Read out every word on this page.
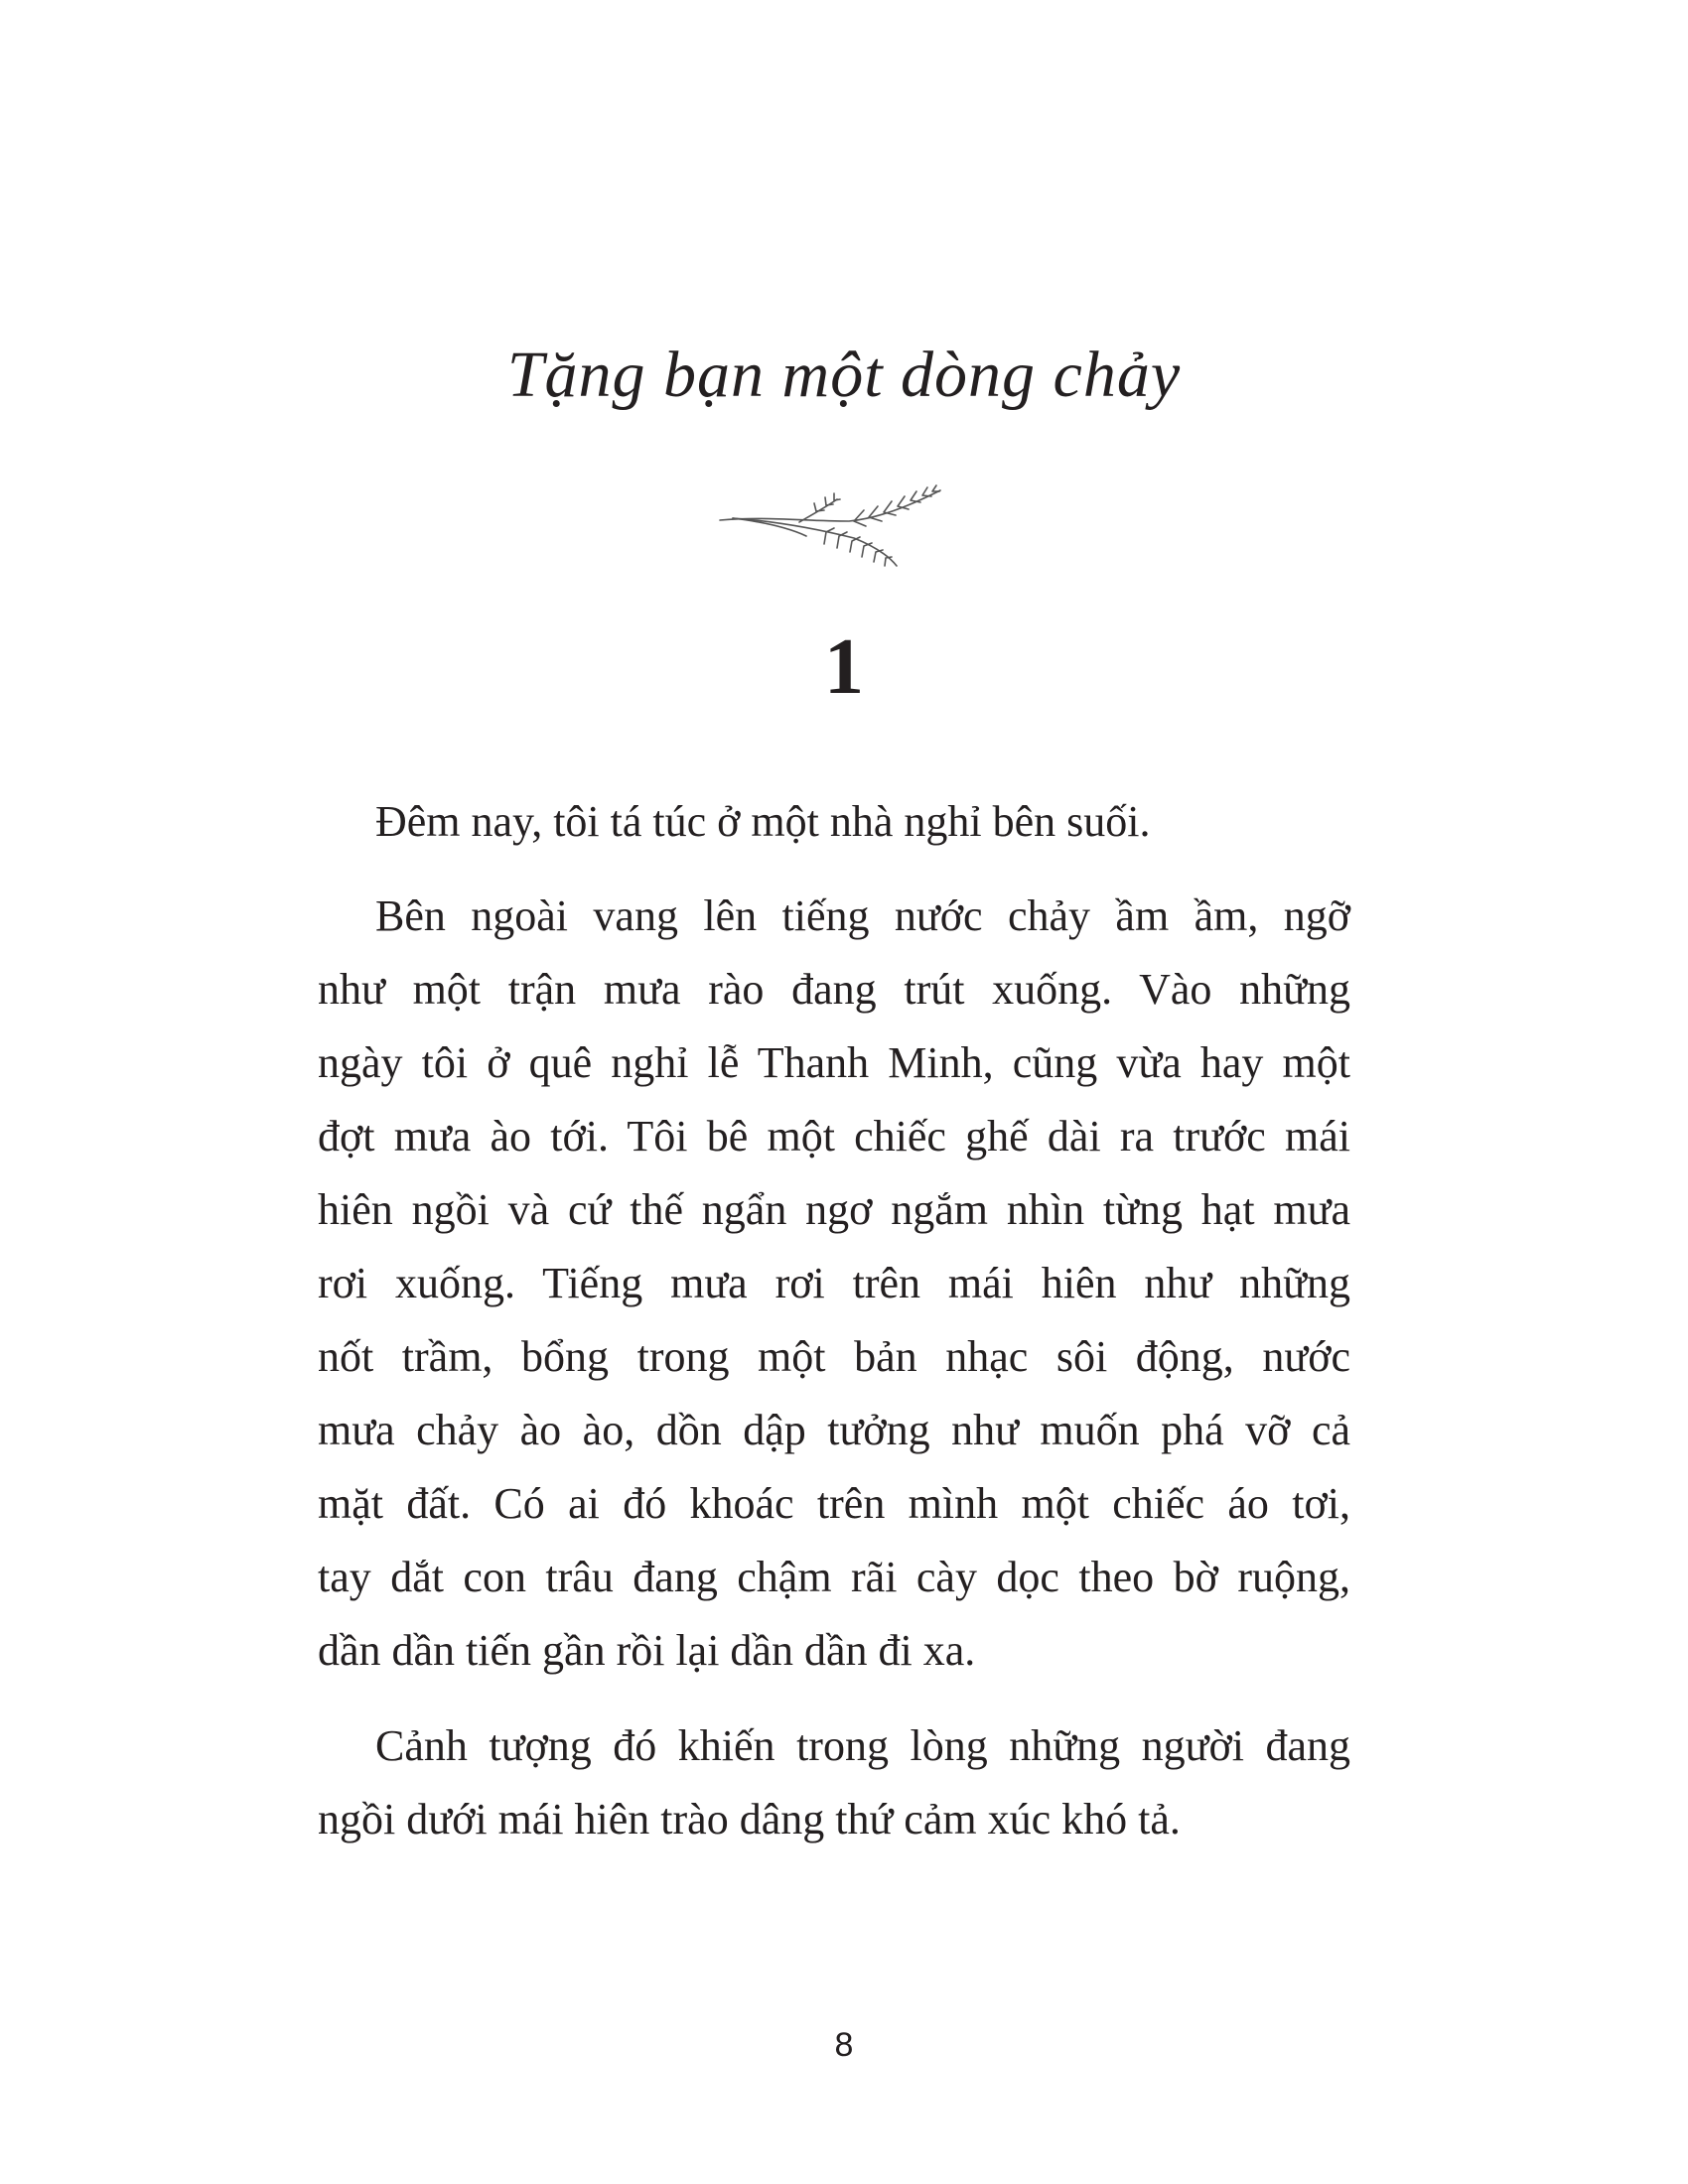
Tặng bạn một dòng chảy
1
Đêm nay, tôi tá túc ở một nhà nghỉ bên suối.
Bên ngoài vang lên tiếng nước chảy ầm ầm, ngỡ
như một trận mưa rào đang trút xuống. Vào những
ngày tôi ở quê nghỉ lễ Thanh Minh, cũng vừa hay một
đợt mưa ào tới. Tôi bê một chiếc ghế dài ra trước mái
hiên ngồi và cứ thế ngẩn ngơ ngắm nhìn từng hạt mưa
rơi xuống. Tiếng mưa rơi trên mái hiên như những
nốt trầm, bổng trong một bản nhạc sôi động, nước
mưa chảy ào ào, dồn dập tưởng như muốn phá vỡ cả
mặt đất. Có ai đó khoác trên mình một chiếc áo tơi,
tay dắt con trâu đang chậm rãi cày dọc theo bờ ruộng,
dần dần tiến gần rồi lại dần dần đi xa.
Cảnh tượng đó khiến trong lòng những người đang
ngồi dưới mái hiên trào dâng thứ cảm xúc khó tả.
8
